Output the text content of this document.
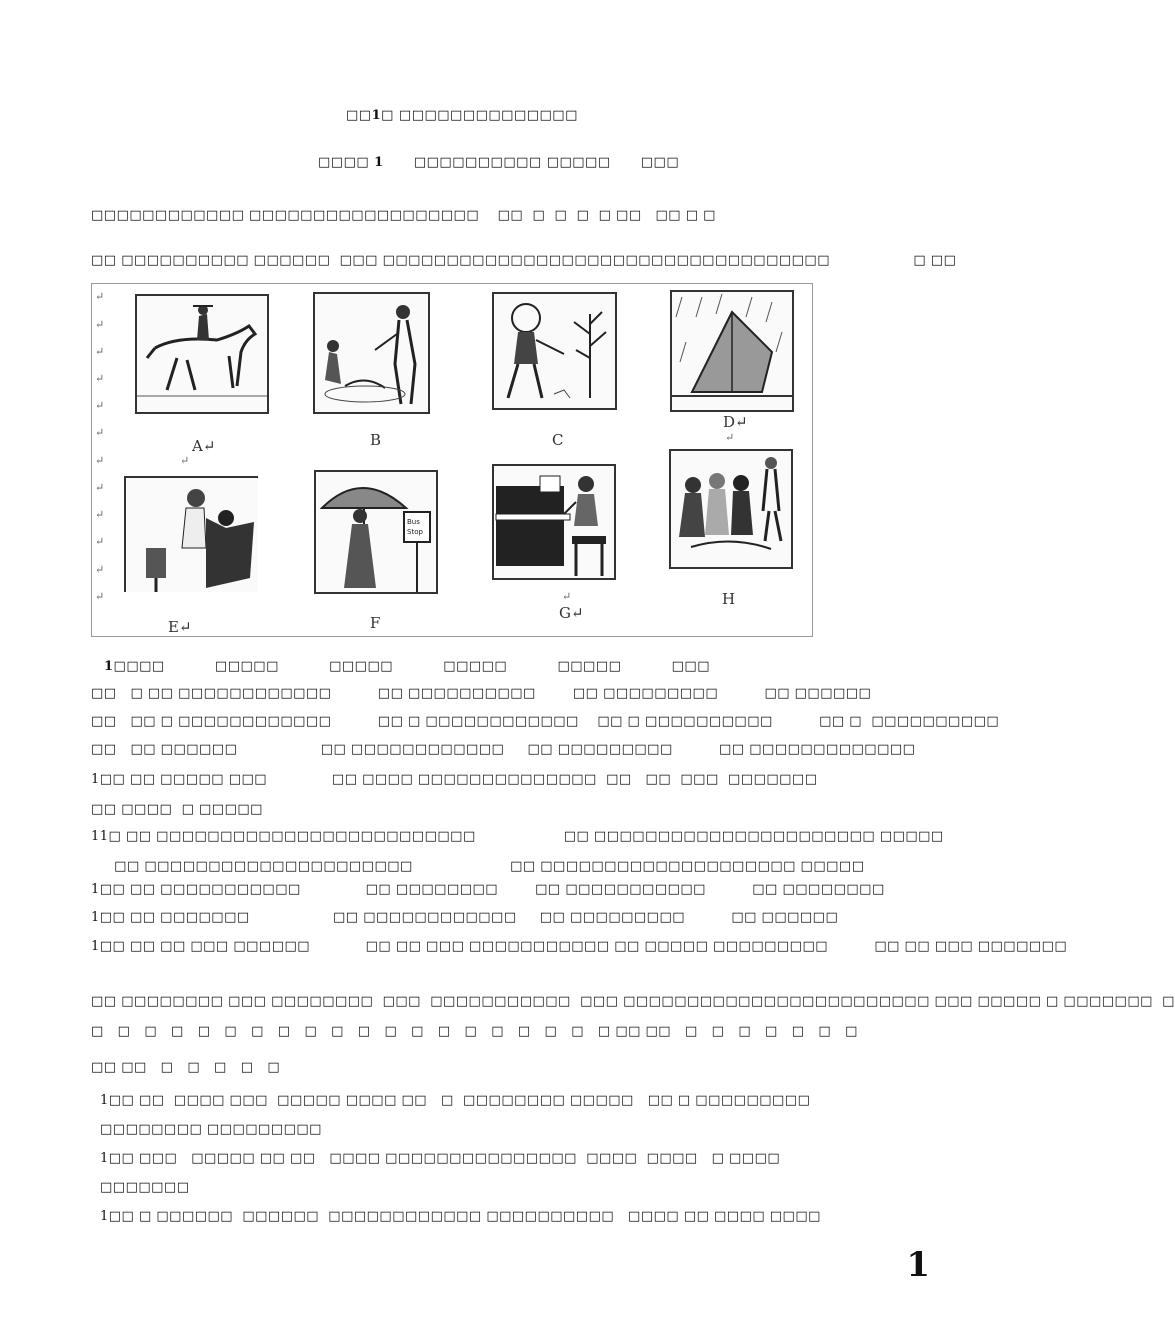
□□1□ □□□□□□□□□□□□□□
□□□□ 1      □□□□□□□□□□ □□□□□      □□□
□□□□□□□□□□□□ □□□□□□□□□□□□□□□□□□    □□  □  □  □  □ □□   □□ □ □
□□ □□□□□□□□□□ □□□□□□  □□□ □□□□□□□□□□□□□□□□□□□□□□□□□□□□□□□□□□□                  □ □□
↵
↵
↵
↵
↵
↵
↵
↵
↵
↵
↵
↵
A↵
↵
B	C
D↵
↵
E↵
Bus
Stop
F
↵
G↵
H
1□□□□          □□□□□          □□□□□          □□□□□          □□□□□          □□□
□□   □ □□ □□□□□□□□□□□□          □□ □□□□□□□□□□        □□ □□□□□□□□□          □□ □□□□□□
□□   □□ □ □□□□□□□□□□□□          □□ □ □□□□□□□□□□□□    □□ □ □□□□□□□□□□          □□ □  □□□□□□□□□□
□□   □□ □□□□□□                  □□ □□□□□□□□□□□□     □□ □□□□□□□□□          □□ □□□□□□□□□□□□□
1□□ □□ □□□□□ □□□              □□ □□□□ □□□□□□□□□□□□□□  □□   □□  □□□  □□□□□□□
□□ □□□□  □ □□□□□
11□ □□ □□□□□□□□□□□□□□□□□□□□□□□□□                   □□ □□□□□□□□□□□□□□□□□□□□□□ □□□□□
□□ □□□□□□□□□□□□□□□□□□□□□                     □□ □□□□□□□□□□□□□□□□□□□□ □□□□□
1□□ □□ □□□□□□□□□□□              □□ □□□□□□□□        □□ □□□□□□□□□□□          □□ □□□□□□□□
1□□ □□ □□□□□□□                  □□ □□□□□□□□□□□□     □□ □□□□□□□□□          □□ □□□□□□
1□□ □□ □□ □□□ □□□□□□            □□ □□ □□□ □□□□□□□□□□□ □□ □□□□□ □□□□□□□□□          □□ □□ □□□ □□□□□□□
□□ □□□□□□□□ □□□ □□□□□□□□  □□□  □□□□□□□□□□□  □□□ □□□□□□□□□□□□□□□□□□□□□□□□ □□□ □□□□□ □ □□□□□□□  □
□   □   □   □   □   □   □   □   □   □   □   □   □   □   □   □   □   □   □   □ □□ □□   □   □   □   □   □   □   □
□□ □□   □   □   □   □   □
1□□ □□  □□□□ □□□  □□□□□ □□□□ □□   □  □□□□□□□□ □□□□□   □□ □ □□□□□□□□□
□□□□□□□□ □□□□□□□□□
1□□ □□□   □□□□□ □□ □□   □□□□ □□□□□□□□□□□□□□□  □□□□  □□□□   □ □□□□
□□□□□□□
1□□ □ □□□□□□  □□□□□□  □□□□□□□□□□□□ □□□□□□□□□□   □□□□ □□ □□□□ □□□□
1
